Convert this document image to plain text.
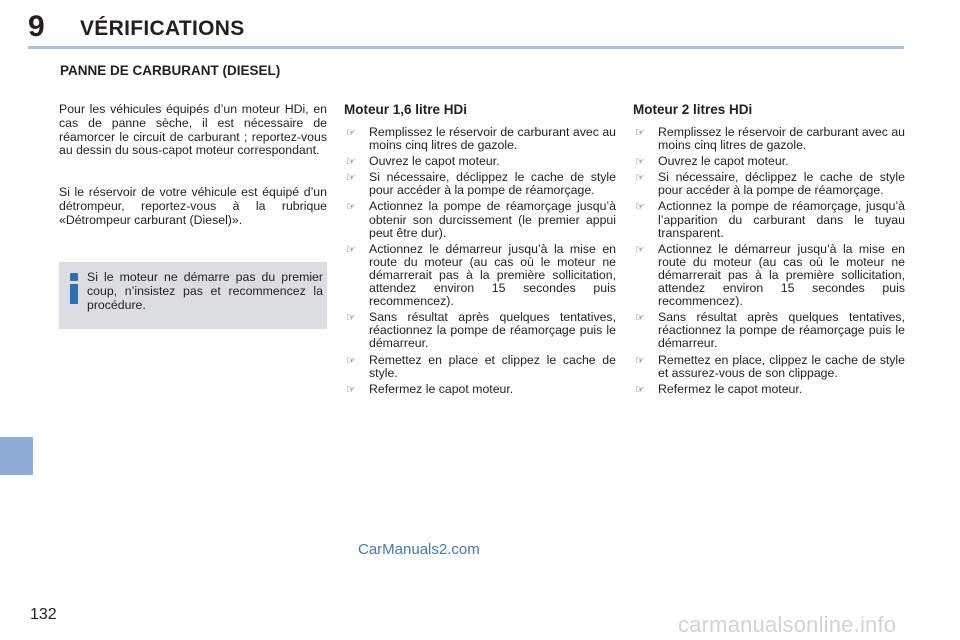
9 VÉRIFICATIONS
PANNE DE CARBURANT (DIESEL)

Pour les véhicules équipés d’un moteur HDi, en cas de panne sèche, il est nécessaire de réamorcer le circuit de carburant ; reportez-vous au dessin du sous-capot moteur correspondant.

Si le réservoir de votre véhicule est équipé d’un détrompeur, reportez-vous à la rubrique «Détrompeur carburant (Diesel)».

Si le moteur ne démarre pas du premier coup, n’insistez pas et recommencez la procédure.

Moteur 1,6 litre HDi
☞ Remplissez le réservoir de carburant avec au moins cinq litres de gazole.
☞ Ouvrez le capot moteur.
☞ Si nécessaire, déclippez le cache de style pour accéder à la pompe de réamorçage.
☞ Actionnez la pompe de réamorçage jusqu’à obtenir son durcissement (le premier appui peut être dur).
☞ Actionnez le démarreur jusqu’à la mise en route du moteur (au cas où le moteur ne démarrerait pas à la première sollicitation, attendez environ 15 secondes puis recommencez).
☞ Sans résultat après quelques tentatives, réactionnez la pompe de réamorçage puis le démarreur.
☞ Remettez en place et clippez le cache de style.
☞ Refermez le capot moteur.
Moteur 2 litres HDi
☞ Remplissez le réservoir de carburant avec au moins cinq litres de gazole.
☞ Ouvrez le capot moteur.
☞ Si nécessaire, déclippez le cache de style pour accéder à la pompe de réamorçage.
☞ Actionnez la pompe de réamorçage, jusqu’à l’apparition du carburant dans le tuyau transparent.
☞ Actionnez le démarreur jusqu’à la mise en route du moteur (au cas où le moteur ne démarrerait pas à la première sollicitation, attendez environ 15 secondes puis recommencez).
☞ Sans résultat après quelques tentatives, réactionnez la pompe de réamorçage puis le démarreur.
☞ Remettez en place, clippez le cache de style et assurez-vous de son clippage.
☞ Refermez le capot moteur.
CarManuals2.com
132	carmanualsonline.info
